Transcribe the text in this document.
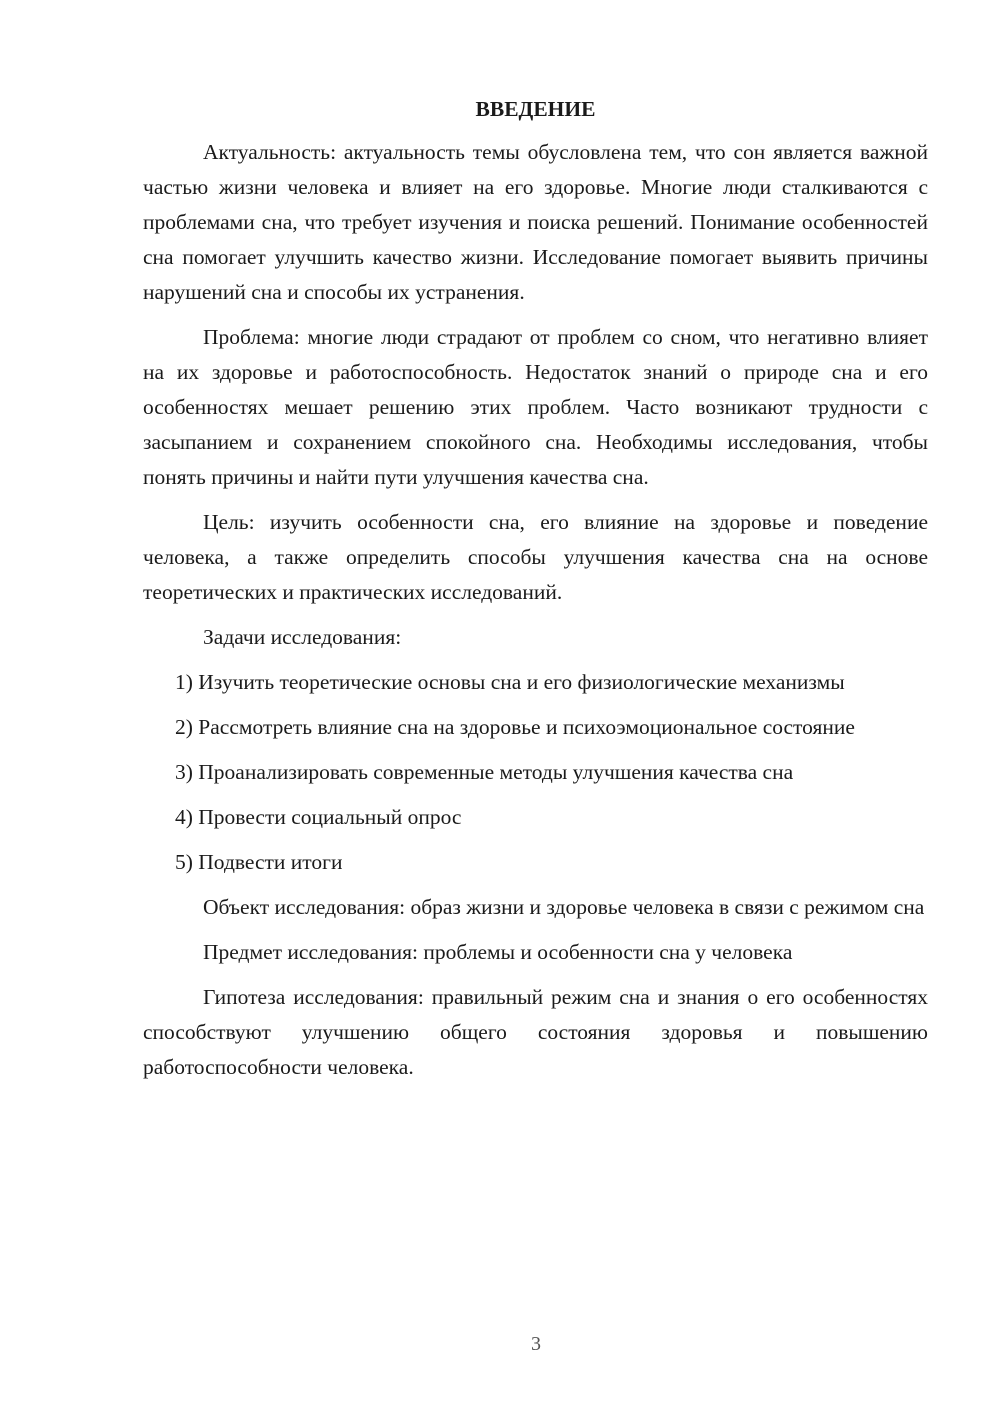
ВВЕДЕНИЕ

Актуальность: актуальность темы обусловлена тем, что сон является важной частью жизни человека и влияет на его здоровье. Многие люди сталкиваются с проблемами сна, что требует изучения и поиска решений. Понимание особенностей сна помогает улучшить качество жизни. Исследование помогает выявить причины нарушений сна и способы их устранения.

Проблема: многие люди страдают от проблем со сном, что негативно влияет на их здоровье и работоспособность. Недостаток знаний о природе сна и его особенностях мешает решению этих проблем. Часто возникают трудности с засыпанием и сохранением спокойного сна. Необходимы исследования, чтобы понять причины и найти пути улучшения качества сна.

Цель: изучить особенности сна, его влияние на здоровье и поведение человека, а также определить способы улучшения качества сна на основе теоретических и практических исследований.

Задачи исследования:

1) Изучить теоретические основы сна и его физиологические механизмы

2) Рассмотреть влияние сна на здоровье и психоэмоциональное состояние

3) Проанализировать современные методы улучшения качества сна

4) Провести социальный опрос

5) Подвести итоги

Объект исследования: образ жизни и здоровье человека в связи с режимом сна

Предмет исследования: проблемы и особенности сна у человека

Гипотеза исследования: правильный режим сна и знания о его особенностях способствуют улучшению общего состояния здоровья и повышению работоспособности человека.

3
